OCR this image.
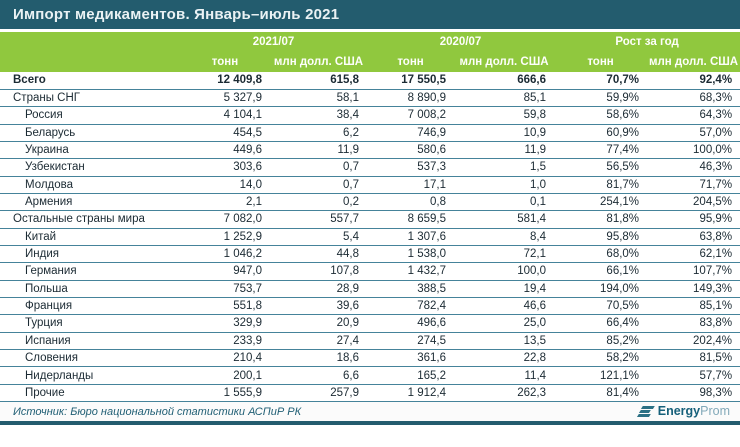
Импорт медикаментов. Январь–июль 2021
	2021/07		2020/07		Рост за год	
	тонн	млн долл. США	тонн	млн долл. США	тонн	млн долл. США
Всего	12 409,8	615,8	17 550,5	666,6	70,7%	92,4%
Страны СНГ	5 327,9	58,1	8 890,9	85,1	59,9%	68,3%
Россия	4 104,1	38,4	7 008,2	59,8	58,6%	64,3%
Беларусь	454,5	6,2	746,9	10,9	60,9%	57,0%
Украина	449,6	11,9	580,6	11,9	77,4%	100,0%
Узбекистан	303,6	0,7	537,3	1,5	56,5%	46,3%
Молдова	14,0	0,7	17,1	1,0	81,7%	71,7%
Армения	2,1	0,2	0,8	0,1	254,1%	204,5%
Остальные страны мира	7 082,0	557,7	8 659,5	581,4	81,8%	95,9%
Китай	1 252,9	5,4	1 307,6	8,4	95,8%	63,8%
Индия	1 046,2	44,8	1 538,0	72,1	68,0%	62,1%
Германия	947,0	107,8	1 432,7	100,0	66,1%	107,7%
Польша	753,7	28,9	388,5	19,4	194,0%	149,3%
Франция	551,8	39,6	782,4	46,6	70,5%	85,1%
Турция	329,9	20,9	496,6	25,0	66,4%	83,8%
Испания	233,9	27,4	274,5	13,5	85,2%	202,4%
Словения	210,4	18,6	361,6	22,8	58,2%	81,5%
Нидерланды	200,1	6,6	165,2	11,4	121,1%	57,7%
Прочие	1 555,9	257,9	1 912,4	262,3	81,4%	98,3%
Источник: Бюро национальной статистики АСПиР РК	EnergyProm
